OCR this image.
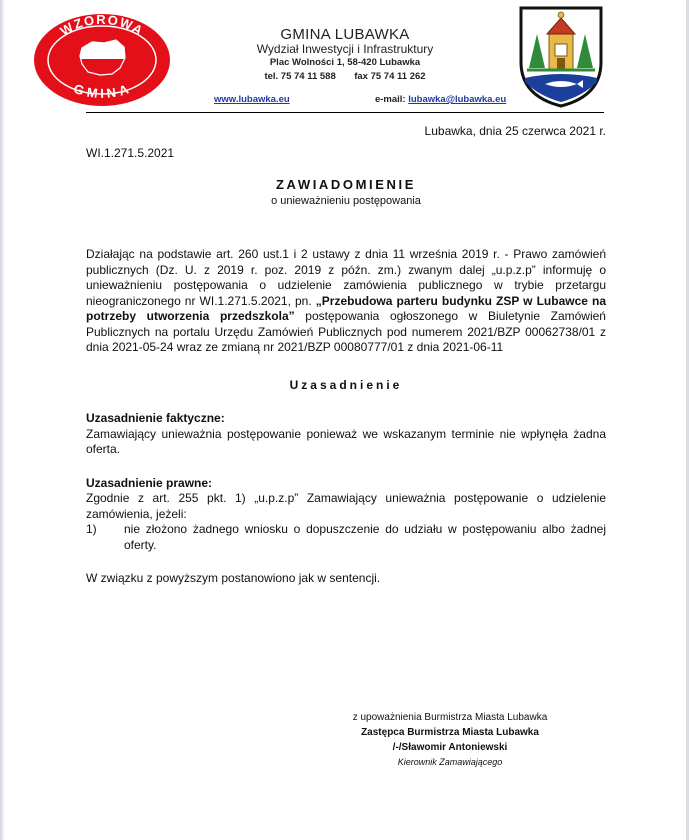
WZOROWA
GMINA
GMINA LUBAWKA
Wydział Inwestycji i Infrastruktury
Plac Wolności 1, 58-420 Lubawka
tel. 75 74 11 588 fax 75 74 11 262
www.lubawka.eu	e-mail: lubawka@lubawka.eu
Lubawka, dnia 25 czerwca 2021 r.
WI.1.271.5.2021
ZAWIADOMIENIE
o unieważnieniu postępowania
Działając na podstawie art. 260 ust.1 i 2 ustawy z dnia 11 września 2019 r. - Prawo zamówień publicznych (Dz. U. z 2019 r. poz. 2019 z późn. zm.) zwanym dalej „u.p.z.p” informuję o unieważnieniu postępowania o udzielenie zamówienia publicznego w trybie przetargu nieograniczonego nr WI.1.271.5.2021, pn. „Przebudowa parteru budynku ZSP w Lubawce na potrzeby utworzenia przedszkola” postępowania ogłoszonego w Biuletynie Zamówień Publicznych na portalu Urzędu Zamówień Publicznych pod numerem 2021/BZP 00062738/01 z dnia 2021-05-24 wraz ze zmianą nr 2021/BZP 00080777/01 z dnia 2021-06-11
Uzasadnienie
Uzasadnienie faktyczne:
Zamawiający unieważnia postępowanie ponieważ we wskazanym terminie nie wpłynęła żadna oferta.
Uzasadnienie prawne:
Zgodnie z art. 255 pkt. 1) „u.p.z.p” Zamawiający unieważnia postępowanie o udzielenie zamówienia, jeżeli:
1)	nie złożono żadnego wniosku o dopuszczenie do udziału w postępowaniu albo żadnej oferty.
W związku z powyższym postanowiono jak w sentencji.
z upoważnienia Burmistrza Miasta Lubawka
Zastępca Burmistrza Miasta Lubawka
/-/Sławomir Antoniewski
Kierownik Zamawiającego
